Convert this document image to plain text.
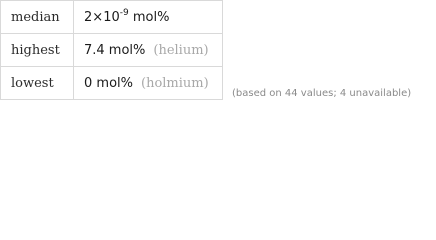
median	$2\times 10^{-9}$ mol%
highest	7.4 mol% (helium)
lowest	0 mol% (holmium)
(based on 44 values; 4 unavailable)
